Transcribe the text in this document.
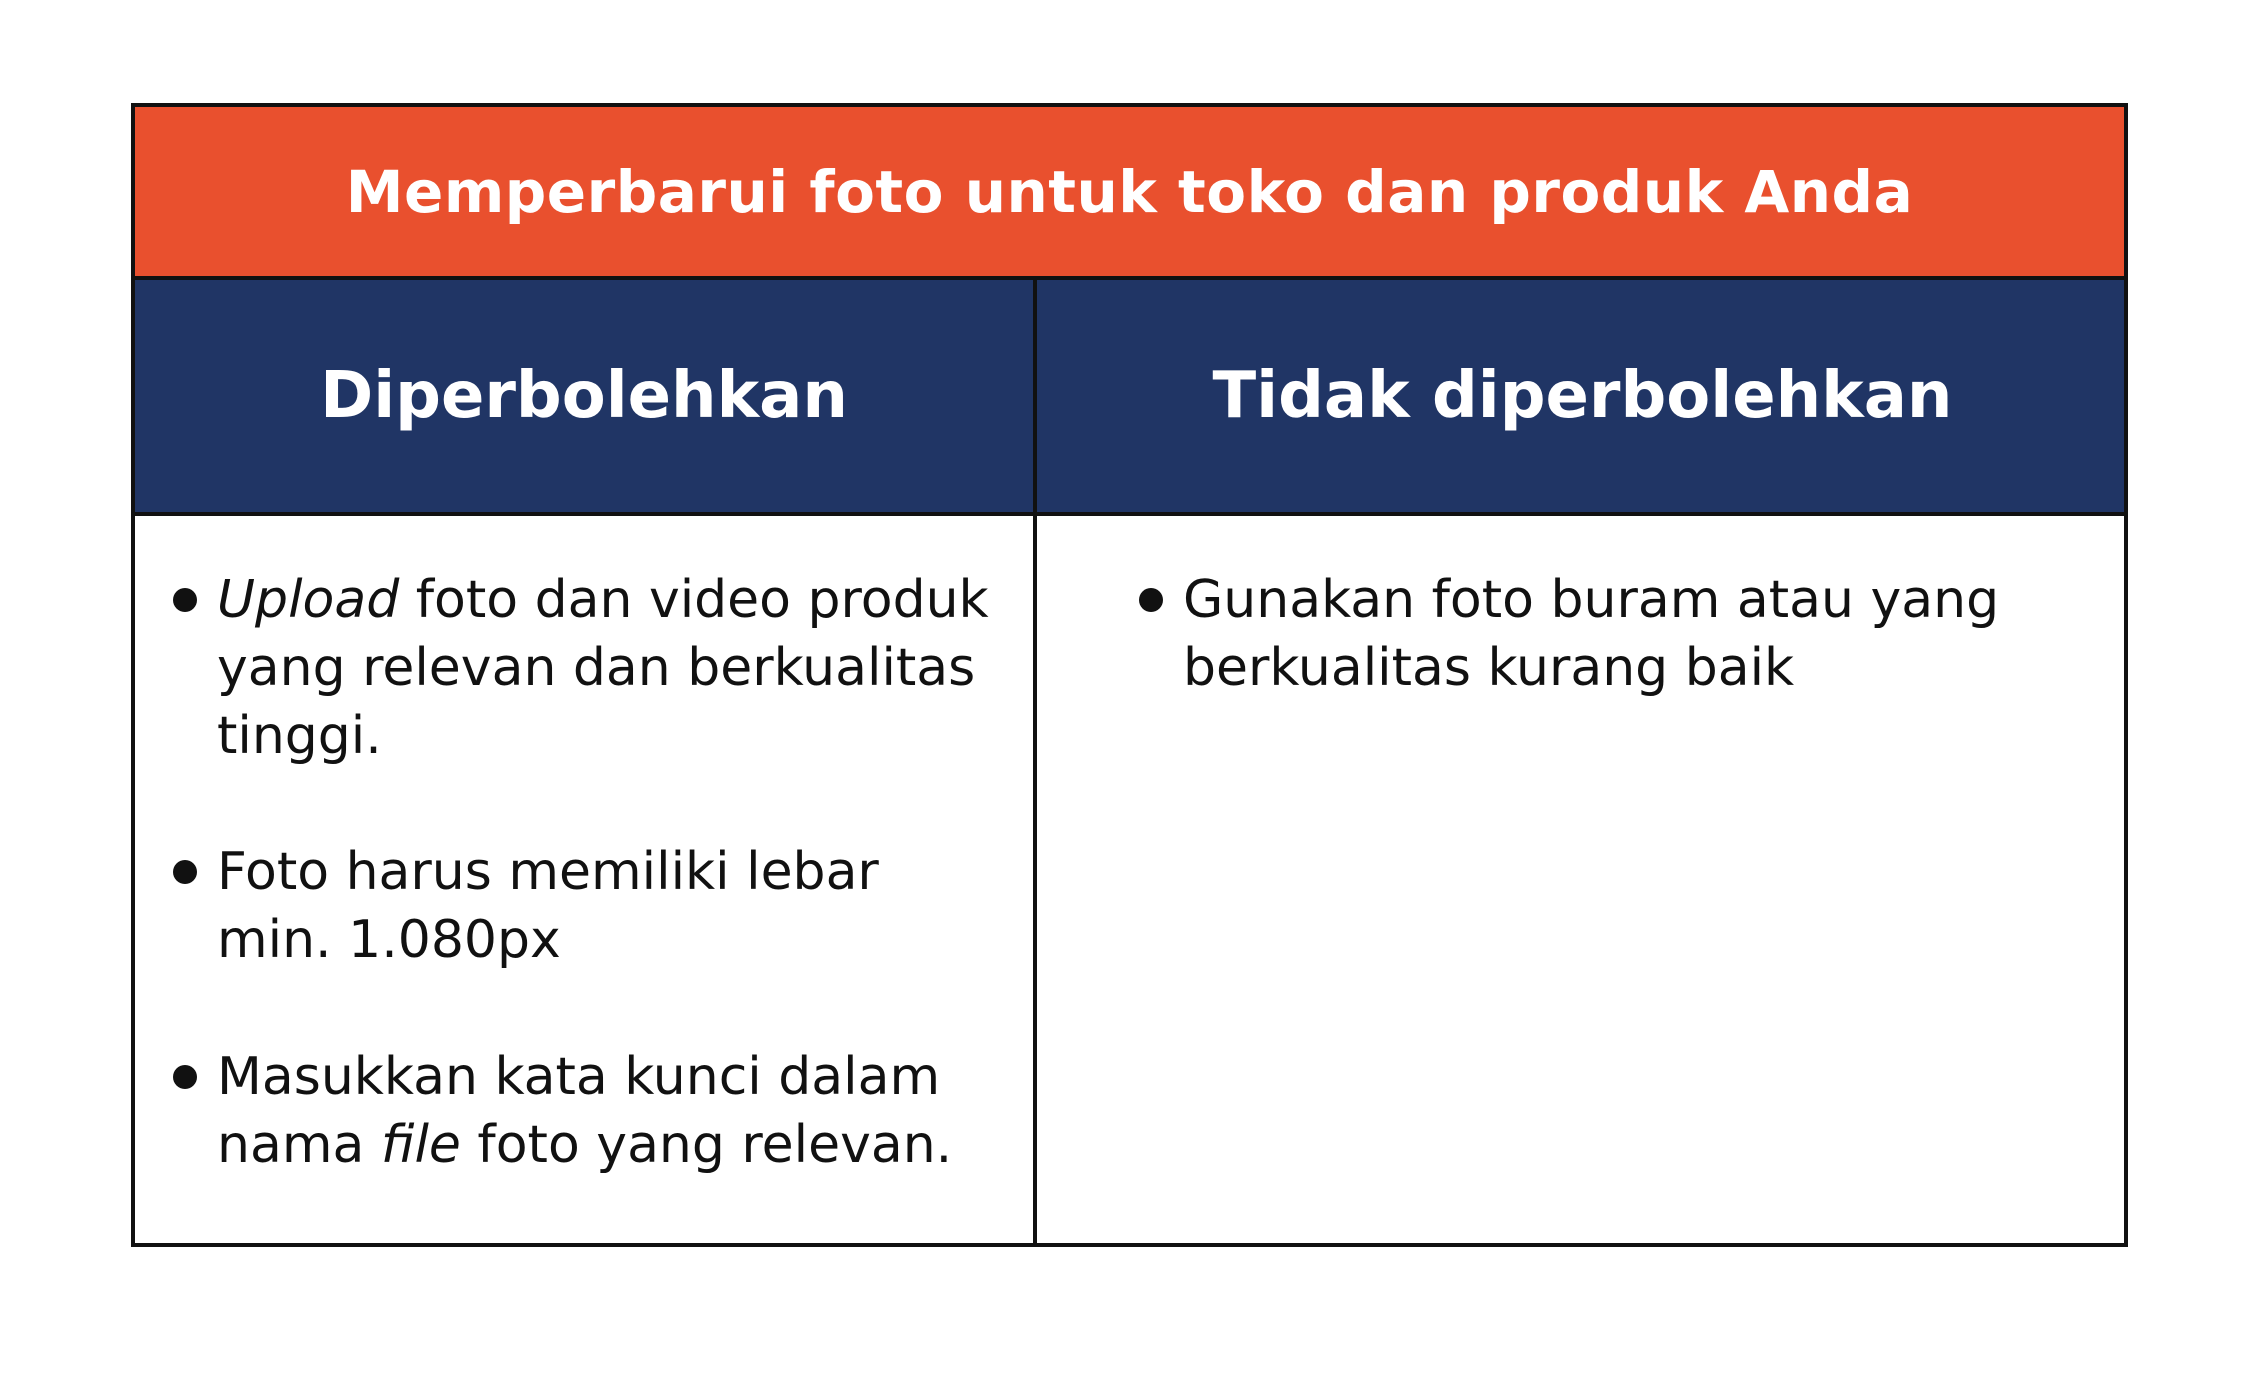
Memperbarui foto untuk toko dan produk Anda
Diperbolehkan	Tidak diperbolehkan
Upload foto dan video produk
yang relevan dan berkualitas
tinggi.
Foto harus memiliki lebar
min. 1.080px
Masukkan kata kunci dalam
nama file foto yang relevan.
Gunakan foto buram atau yang
berkualitas kurang baik
